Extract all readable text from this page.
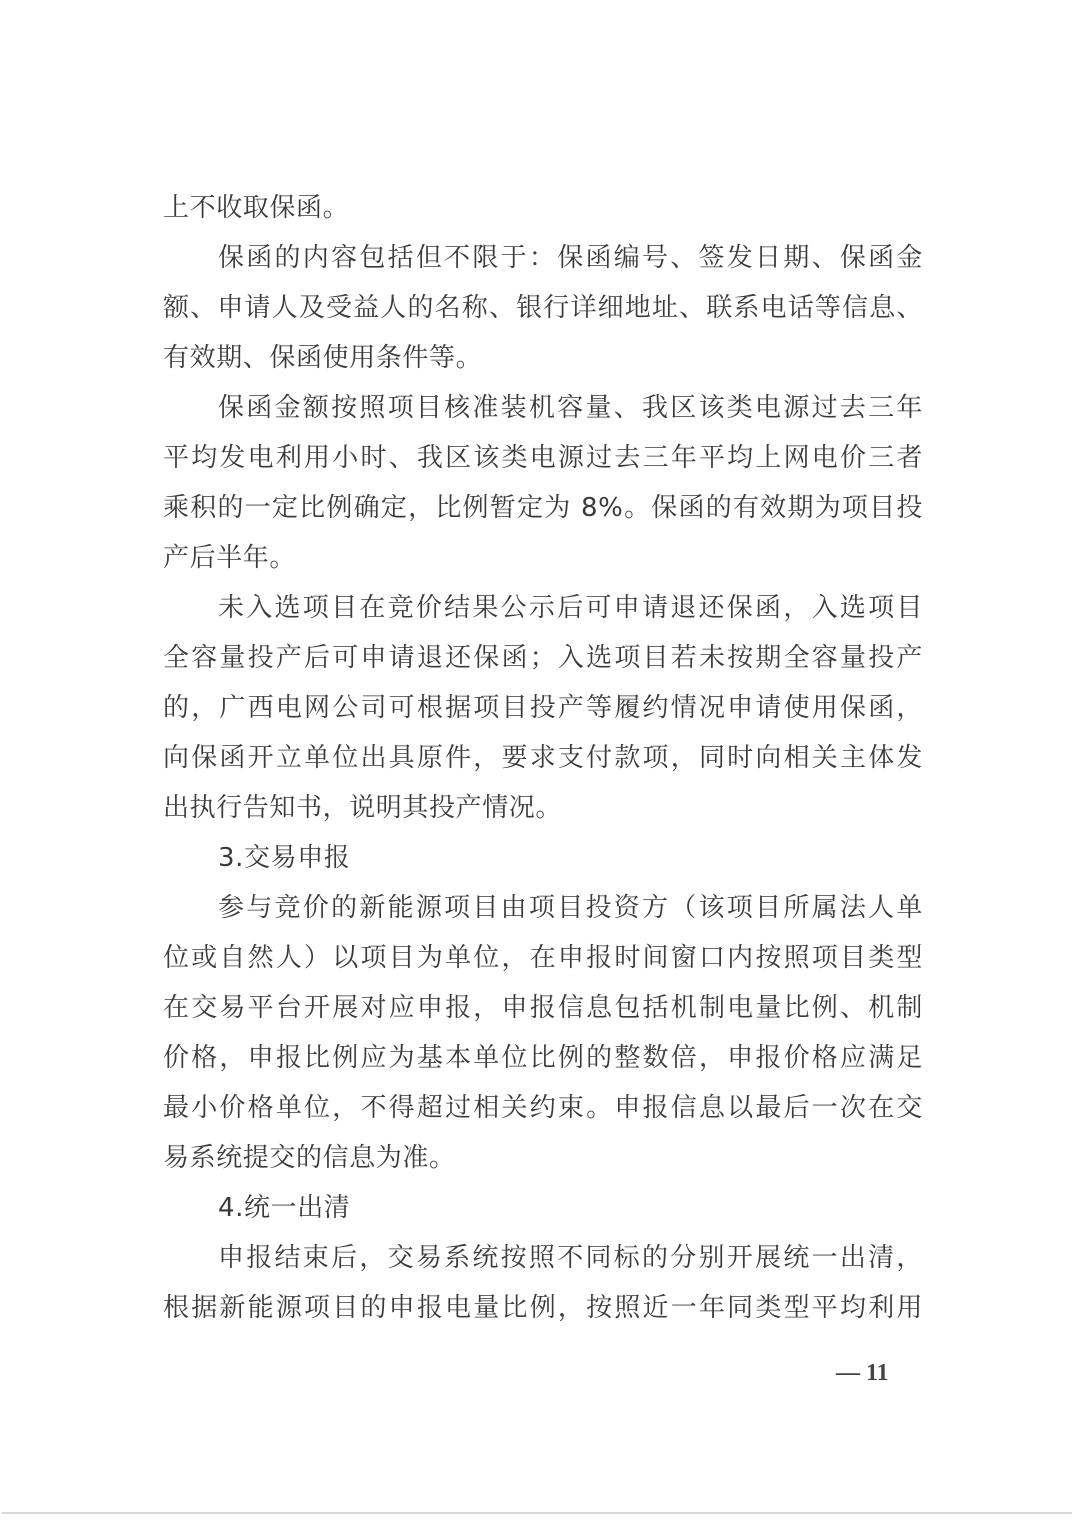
上不收取保函。
保函的内容包括但不限于：保函编号、签发日期、保函金
额、申请人及受益人的名称、银行详细地址、联系电话等信息、
有效期、保函使用条件等。
保函金额按照项目核准装机容量、我区该类电源过去三年
平均发电利用小时、我区该类电源过去三年平均上网电价三者
乘积的一定比例确定，比例暂定为 8%。保函的有效期为项目投
产后半年。
未入选项目在竞价结果公示后可申请退还保函，入选项目
全容量投产后可申请退还保函；入选项目若未按期全容量投产
的，广西电网公司可根据项目投产等履约情况申请使用保函，
向保函开立单位出具原件，要求支付款项，同时向相关主体发
出执行告知书，说明其投产情况。
3.交易申报
参与竞价的新能源项目由项目投资方（该项目所属法人单
位或自然人）以项目为单位，在申报时间窗口内按照项目类型
在交易平台开展对应申报，申报信息包括机制电量比例、机制
价格，申报比例应为基本单位比例的整数倍，申报价格应满足
最小价格单位，不得超过相关约束。申报信息以最后一次在交
易系统提交的信息为准。
4.统一出清
申报结束后，交易系统按照不同标的分别开展统一出清，
根据新能源项目的申报电量比例，按照近一年同类型平均利用
— 11
